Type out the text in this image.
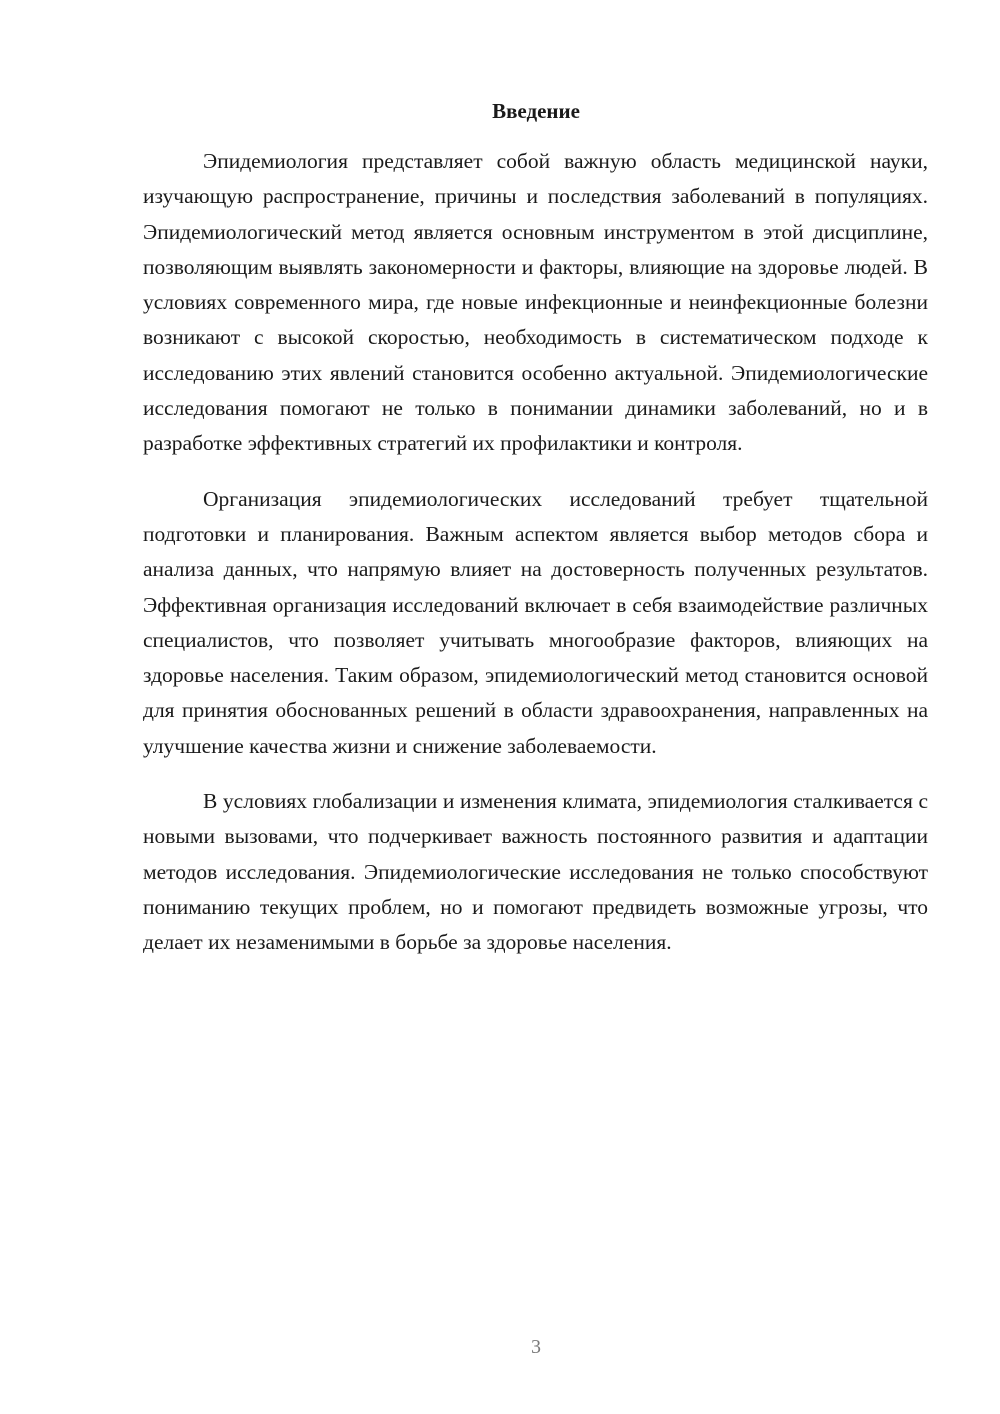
Введение

Эпидемиология представляет собой важную область медицинской науки, изучающую распространение, причины и последствия заболеваний в популяциях. Эпидемиологический метод является основным инструментом в этой дисциплине, позволяющим выявлять закономерности и факторы, влияющие на здоровье людей. В условиях современного мира, где новые инфекционные и неинфекционные болезни возникают с высокой скоростью, необходимость в систематическом подходе к исследованию этих явлений становится особенно актуальной. Эпидемиологические исследования помогают не только в понимании динамики заболеваний, но и в разработке эффективных стратегий их профилактики и контроля.

Организация эпидемиологических исследований требует тщательной подготовки и планирования. Важным аспектом является выбор методов сбора и анализа данных, что напрямую влияет на достоверность полученных результатов. Эффективная организация исследований включает в себя взаимодействие различных специалистов, что позволяет учитывать многообразие факторов, влияющих на здоровье населения. Таким образом, эпидемиологический метод становится основой для принятия обоснованных решений в области здравоохранения, направленных на улучшение качества жизни и снижение заболеваемости.

В условиях глобализации и изменения климата, эпидемиология сталкивается с новыми вызовами, что подчеркивает важность постоянного развития и адаптации методов исследования. Эпидемиологические исследования не только способствуют пониманию текущих проблем, но и помогают предвидеть возможные угрозы, что делает их незаменимыми в борьбе за здоровье населения.

3
